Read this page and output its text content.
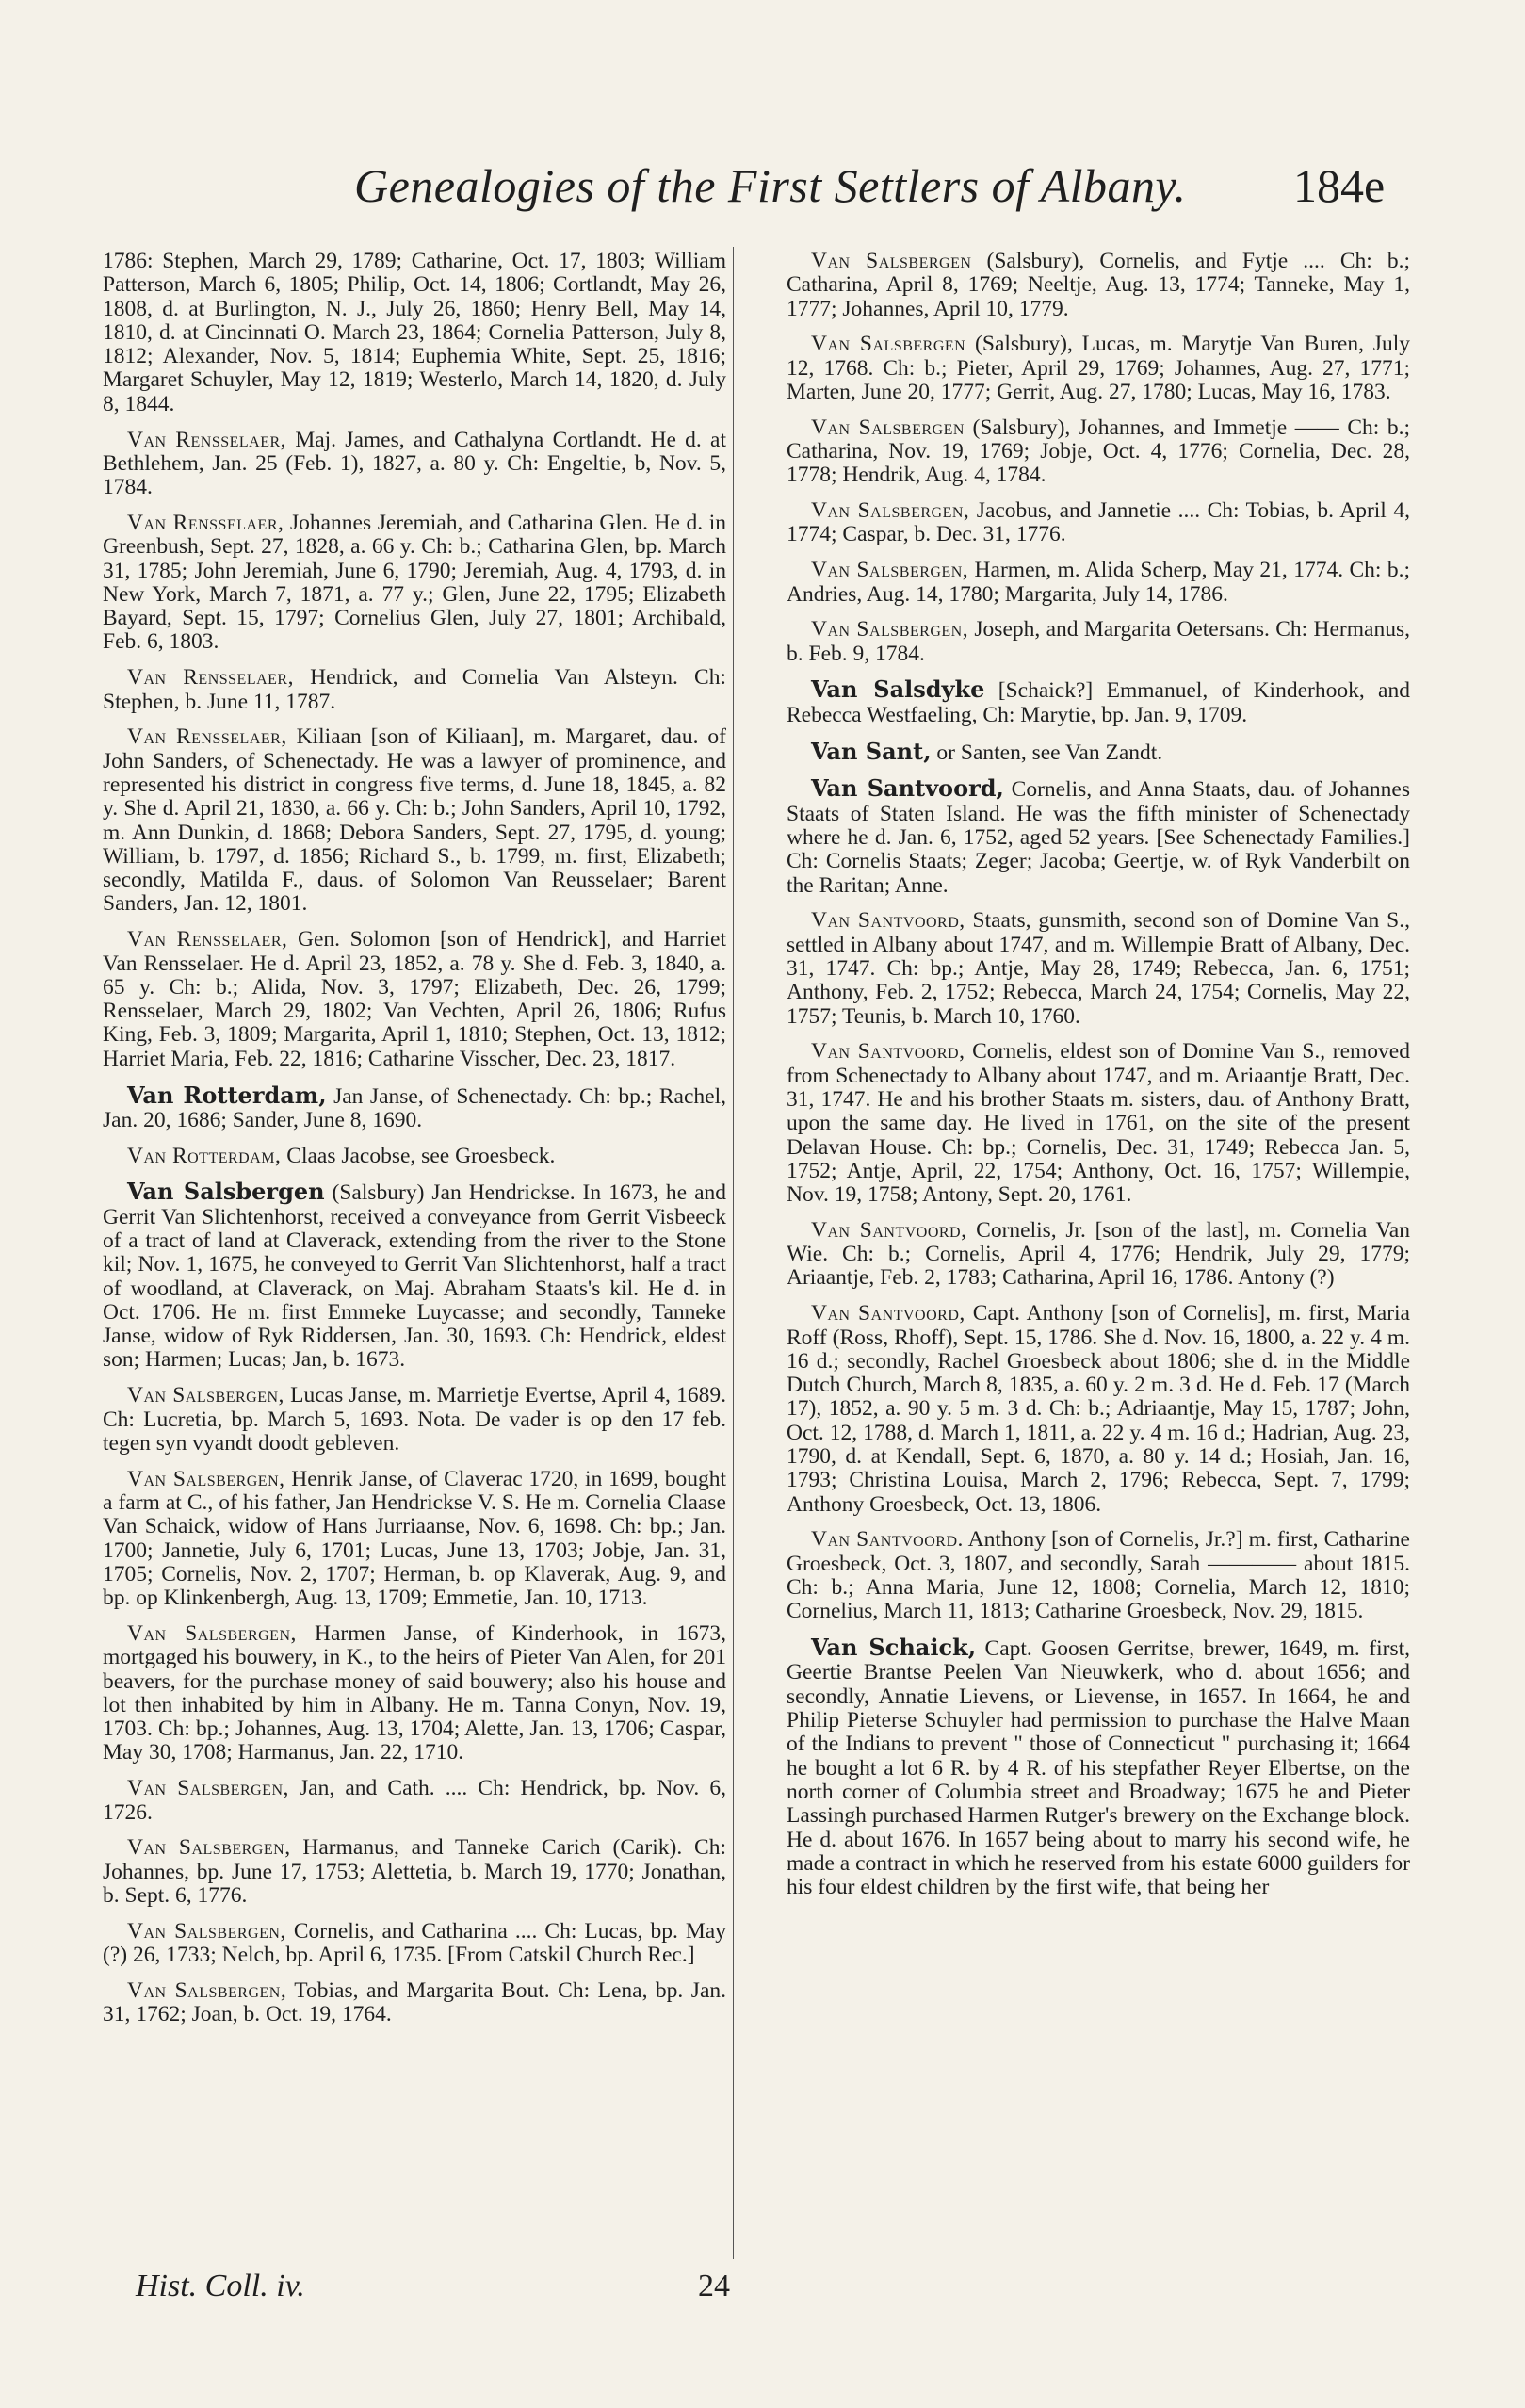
Genealogies of the First Settlers of Albany. 184e

1786: Stephen, March 29, 1789; Catharine, Oct. 17, 1803; William Patterson, March 6, 1805; Philip, Oct. 14, 1806; Cortlandt, May 26, 1808, d. at Burlington, N. J., July 26, 1860; Henry Bell, May 14, 1810, d. at Cincinnati O. March 23, 1864; Cornelia Patterson, July 8, 1812; Alexander, Nov. 5, 1814; Euphemia White, Sept. 25, 1816; Margaret Schuyler, May 12, 1819; Westerlo, March 14, 1820, d. July 8, 1844.

Van Rensselaer, Maj. James, and Cathalyna Cortlandt. He d. at Bethlehem, Jan. 25 (Feb. 1), 1827, a. 80 y. Ch: Engeltie, b, Nov. 5, 1784.

Van Rensselaer, Johannes Jeremiah, and Catharina Glen. He d. in Greenbush, Sept. 27, 1828, a. 66 y. Ch: b.; Catharina Glen, bp. March 31, 1785; John Jeremiah, June 6, 1790; Jeremiah, Aug. 4, 1793, d. in New York, March 7, 1871, a. 77 y.; Glen, June 22, 1795; Elizabeth Bayard, Sept. 15, 1797; Cornelius Glen, July 27, 1801; Archibald, Feb. 6, 1803.

Van Rensselaer, Hendrick, and Cornelia Van Alsteyn. Ch: Stephen, b. June 11, 1787.

Van Rensselaer, Kiliaan [son of Kiliaan], m. Margaret, dau. of John Sanders, of Schenectady. He was a lawyer of prominence, and represented his district in congress five terms, d. June 18, 1845, a. 82 y. She d. April 21, 1830, a. 66 y. Ch: b.; John Sanders, April 10, 1792, m. Ann Dunkin, d. 1868; Debora Sanders, Sept. 27, 1795, d. young; William, b. 1797, d. 1856; Richard S., b. 1799, m. first, Elizabeth; secondly, Matilda F., daus. of Solomon Van Reusselaer; Barent Sanders, Jan. 12, 1801.

Van Rensselaer, Gen. Solomon [son of Hendrick], and Harriet Van Rensselaer. He d. April 23, 1852, a. 78 y. She d. Feb. 3, 1840, a. 65 y. Ch: b.; Alida, Nov. 3, 1797; Elizabeth, Dec. 26, 1799; Rensselaer, March 29, 1802; Van Vechten, April 26, 1806; Rufus King, Feb. 3, 1809; Margarita, April 1, 1810; Stephen, Oct. 13, 1812; Harriet Maria, Feb. 22, 1816; Catharine Visscher, Dec. 23, 1817.

Van Rotterdam, Jan Janse, of Schenectady. Ch: bp.; Rachel, Jan. 20, 1686; Sander, June 8, 1690.

Van Rotterdam, Claas Jacobse, see Groesbeck.

Van Salsbergen (Salsbury) Jan Hendrickse. In 1673, he and Gerrit Van Slichtenhorst, received a conveyance from Gerrit Visbeeck of a tract of land at Claverack, extending from the river to the Stone kil; Nov. 1, 1675, he conveyed to Gerrit Van Slichtenhorst, half a tract of woodland, at Claverack, on Maj. Abraham Staats's kil. He d. in Oct. 1706. He m. first Emmeke Luycasse; and secondly, Tanneke Janse, widow of Ryk Riddersen, Jan. 30, 1693. Ch: Hendrick, eldest son; Harmen; Lucas; Jan, b. 1673.

Van Salsbergen, Lucas Janse, m. Marrietje Evertse, April 4, 1689. Ch: Lucretia, bp. March 5, 1693. Nota. De vader is op den 17 feb. tegen syn vyandt doodt gebleven.

Van Salsbergen, Henrik Janse, of Claverac 1720, in 1699, bought a farm at C., of his father, Jan Hendrickse V. S. He m. Cornelia Claase Van Schaick, widow of Hans Jurriaanse, Nov. 6, 1698. Ch: bp.; Jan. 1700; Jannetie, July 6, 1701; Lucas, June 13, 1703; Jobje, Jan. 31, 1705; Cornelis, Nov. 2, 1707; Herman, b. op Klaverak, Aug. 9, and bp. op Klinkenbergh, Aug. 13, 1709; Emmetie, Jan. 10, 1713.

Van Salsbergen, Harmen Janse, of Kinderhook, in 1673, mortgaged his bouwery, in K., to the heirs of Pieter Van Alen, for 201 beavers, for the purchase money of said bouwery; also his house and lot then inhabited by him in Albany. He m. Tanna Conyn, Nov. 19, 1703. Ch: bp.; Johannes, Aug. 13, 1704; Alette, Jan. 13, 1706; Caspar, May 30, 1708; Harmanus, Jan. 22, 1710.

Van Salsbergen, Jan, and Cath. .... Ch: Hendrick, bp. Nov. 6, 1726.

Van Salsbergen, Harmanus, and Tanneke Carich (Carik). Ch: Johannes, bp. June 17, 1753; Alettetia, b. March 19, 1770; Jonathan, b. Sept. 6, 1776.

Van Salsbergen, Cornelis, and Catharina .... Ch: Lucas, bp. May (?) 26, 1733; Nelch, bp. April 6, 1735. [From Catskil Church Rec.]

Van Salsbergen, Tobias, and Margarita Bout. Ch: Lena, bp. Jan. 31, 1762; Joan, b. Oct. 19, 1764.

Van Salsbergen (Salsbury), Cornelis, and Fytje .... Ch: b.; Catharina, April 8, 1769; Neeltje, Aug. 13, 1774; Tanneke, May 1, 1777; Johannes, April 10, 1779.

Van Salsbergen (Salsbury), Lucas, m. Marytje Van Buren, July 12, 1768. Ch: b.; Pieter, April 29, 1769; Johannes, Aug. 27, 1771; Marten, June 20, 1777; Gerrit, Aug. 27, 1780; Lucas, May 16, 1783.

Van Salsbergen (Salsbury), Johannes, and Immetje —— Ch: b.; Catharina, Nov. 19, 1769; Jobje, Oct. 4, 1776; Cornelia, Dec. 28, 1778; Hendrik, Aug. 4, 1784.

Van Salsbergen, Jacobus, and Jannetie .... Ch: Tobias, b. April 4, 1774; Caspar, b. Dec. 31, 1776.

Van Salsbergen, Harmen, m. Alida Scherp, May 21, 1774. Ch: b.; Andries, Aug. 14, 1780; Margarita, July 14, 1786.

Van Salsbergen, Joseph, and Margarita Oetersans. Ch: Hermanus, b. Feb. 9, 1784.

Van Salsdyke [Schaick?] Emmanuel, of Kinderhook, and Rebecca Westfaeling, Ch: Marytie, bp. Jan. 9, 1709.

Van Sant, or Santen, see Van Zandt.

Van Santvoord, Cornelis, and Anna Staats, dau. of Johannes Staats of Staten Island. He was the fifth minister of Schenectady where he d. Jan. 6, 1752, aged 52 years. [See Schenectady Families.] Ch: Cornelis Staats; Zeger; Jacoba; Geertje, w. of Ryk Vanderbilt on the Raritan; Anne.

Van Santvoord, Staats, gunsmith, second son of Domine Van S., settled in Albany about 1747, and m. Willempie Bratt of Albany, Dec. 31, 1747. Ch: bp.; Antje, May 28, 1749; Rebecca, Jan. 6, 1751; Anthony, Feb. 2, 1752; Rebecca, March 24, 1754; Cornelis, May 22, 1757; Teunis, b. March 10, 1760.

Van Santvoord, Cornelis, eldest son of Domine Van S., removed from Schenectady to Albany about 1747, and m. Ariaantje Bratt, Dec. 31, 1747. He and his brother Staats m. sisters, dau. of Anthony Bratt, upon the same day. He lived in 1761, on the site of the present Delavan House. Ch: bp.; Cornelis, Dec. 31, 1749; Rebecca Jan. 5, 1752; Antje, April, 22, 1754; Anthony, Oct. 16, 1757; Willempie, Nov. 19, 1758; Antony, Sept. 20, 1761.

Van Santvoord, Cornelis, Jr. [son of the last], m. Cornelia Van Wie. Ch: b.; Cornelis, April 4, 1776; Hendrik, July 29, 1779; Ariaantje, Feb. 2, 1783; Catharina, April 16, 1786. Antony (?)

Van Santvoord, Capt. Anthony [son of Cornelis], m. first, Maria Roff (Ross, Rhoff), Sept. 15, 1786. She d. Nov. 16, 1800, a. 22 y. 4 m. 16 d.; secondly, Rachel Groesbeck about 1806; she d. in the Middle Dutch Church, March 8, 1835, a. 60 y. 2 m. 3 d. He d. Feb. 17 (March 17), 1852, a. 90 y. 5 m. 3 d. Ch: b.; Adriaantje, May 15, 1787; John, Oct. 12, 1788, d. March 1, 1811, a. 22 y. 4 m. 16 d.; Hadrian, Aug. 23, 1790, d. at Kendall, Sept. 6, 1870, a. 80 y. 14 d.; Hosiah, Jan. 16, 1793; Christina Louisa, March 2, 1796; Rebecca, Sept. 7, 1799; Anthony Groesbeck, Oct. 13, 1806.

Van Santvoord. Anthony [son of Cornelis, Jr.?] m. first, Catharine Groesbeck, Oct. 3, 1807, and secondly, Sarah ———— about 1815. Ch: b.; Anna Maria, June 12, 1808; Cornelia, March 12, 1810; Cornelius, March 11, 1813; Catharine Groesbeck, Nov. 29, 1815.

Van Schaick, Capt. Goosen Gerritse, brewer, 1649, m. first, Geertie Brantse Peelen Van Nieuwkerk, who d. about 1656; and secondly, Annatie Lievens, or Lievense, in 1657. In 1664, he and Philip Pieterse Schuyler had permission to purchase the Halve Maan of the Indians to prevent " those of Connecticut " purchasing it; 1664 he bought a lot 6 R. by 4 R. of his stepfather Reyer Elbertse, on the north corner of Columbia street and Broadway; 1675 he and Pieter Lassingh purchased Harmen Rutger's brewery on the Exchange block. He d. about 1676. In 1657 being about to marry his second wife, he made a contract in which he reserved from his estate 6000 guilders for his four eldest children by the first wife, that being her

Hist. Coll. iv.	24
